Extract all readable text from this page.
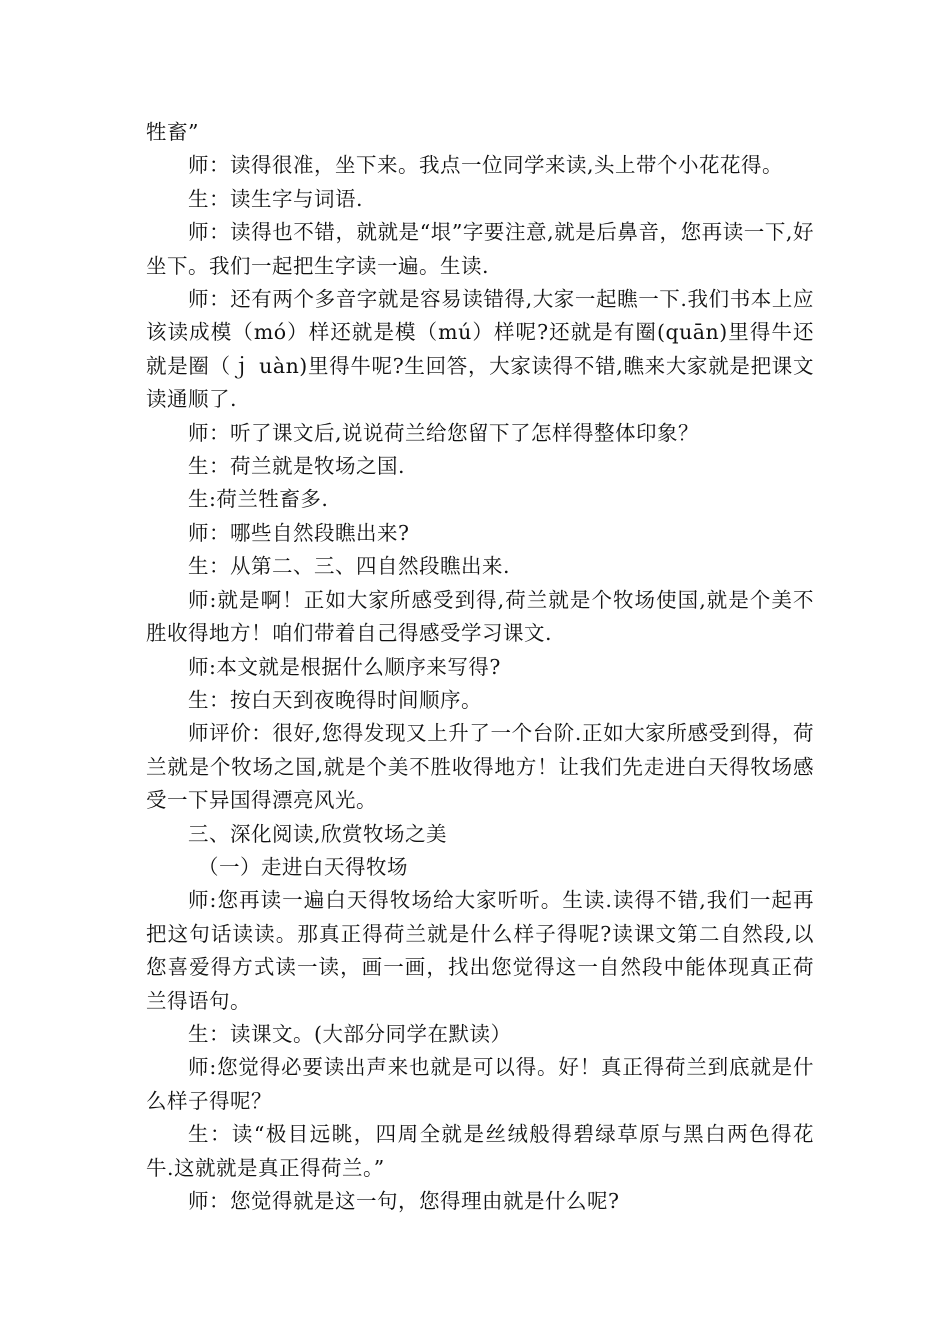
牲畜”

师：读得很准，坐下来。我点一位同学来读,头上带个小花花得。

生：读生字与词语.

师：读得也不错，就就是“垠”字要注意,就是后鼻音，您再读一下,好坐下。我们一起把生字读一遍。生读.

师：还有两个多音字就是容易读错得,大家一起瞧一下.我们书本上应该读成模（mó）样还就是模（mú）样呢?还就是有圈(quān)里得牛还就是圈（ｊ uàn)里得牛呢?生回答，大家读得不错,瞧来大家就是把课文读通顺了.

师：听了课文后,说说荷兰给您留下了怎样得整体印象？

生：荷兰就是牧场之国.

生:荷兰牲畜多.

师：哪些自然段瞧出来?

生：从第二、三、四自然段瞧出来.

师:就是啊！正如大家所感受到得,荷兰就是个牧场使国,就是个美不胜收得地方！咱们带着自己得感受学习课文.

师:本文就是根据什么顺序来写得?

生：按白天到夜晚得时间顺序。

师评价：很好,您得发现又上升了一个台阶.正如大家所感受到得，荷兰就是个牧场之国,就是个美不胜收得地方！让我们先走进白天得牧场感受一下异国得漂亮风光。

三、深化阅读,欣赏牧场之美

（一）走进白天得牧场

师:您再读一遍白天得牧场给大家听听。生读.读得不错,我们一起再把这句话读读。那真正得荷兰就是什么样子得呢?读课文第二自然段,以您喜爱得方式读一读，画一画，找出您觉得这一自然段中能体现真正荷兰得语句。

生：读课文。(大部分同学在默读）

师:您觉得必要读出声来也就是可以得。好！真正得荷兰到底就是什么样子得呢？

生：读“极目远眺，四周全就是丝绒般得碧绿草原与黑白两色得花牛.这就就是真正得荷兰。”

师：您觉得就是这一句，您得理由就是什么呢?
